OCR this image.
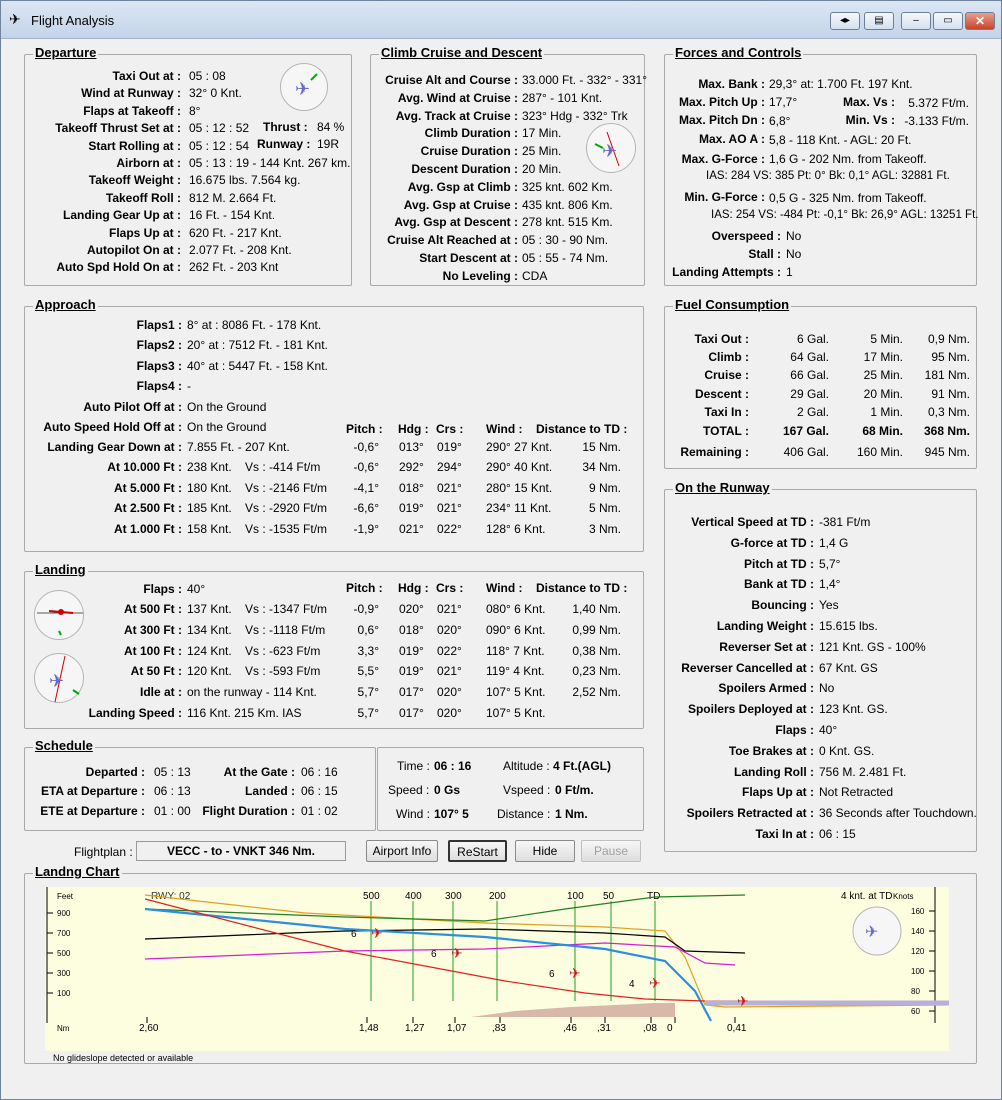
✈ Flight Analysis	◂▸	▤	–	▭	✕
Departure
Taxi Out at : 05 : 08
Wind at Runway : 32° 0 Knt.
Flaps at Takeoff : 8°
Takeoff Thrust Set at : 05 : 12 : 52
Start Rolling at : 05 : 12 : 54
Airborn at : 05 : 13 : 19 - 144 Knt. 267 km.
Takeoff Weight : 16.675 lbs. 7.564 kg.
Takeoff Roll : 812 M. 2.664 Ft.
Landing Gear Up at : 16 Ft. - 154 Knt.
Flaps Up at : 620 Ft. - 217 Knt.
Autopilot On at : 2.077 Ft. - 208 Knt.
Auto Spd Hold On at : 262 Ft. - 203 Knt
Thrust : 84 %
Runway : 19R
✈
Climb Cruise and Descent
Cruise Alt and Course : 33.000 Ft. - 332° - 331°
Avg. Wind at Cruise : 287° - 101 Knt.
Avg. Track at Cruise : 323° Hdg - 332° Trk
Climb Duration : 17 Min.
Cruise Duration : 25 Min.
Descent Duration : 20 Min.
Avg. Gsp at Climb : 325 knt. 602 Km.
Avg. Gsp at Cruise : 435 knt. 806 Km.
Avg. Gsp at Descent : 278 knt. 515 Km.
Cruise Alt Reached at : 05 : 30 - 90 Nm.
Start Descent at : 05 : 55 - 74 Nm.
No Leveling : CDA
✈
Forces and Controls
Max. Bank : 29,3° at: 1.700 Ft. 197 Knt.
Max. Pitch Up : 17,7°	Max. Vs :	5.372 Ft/m.
Max. Pitch Dn : 6,8°	Min. Vs : -3.133 Ft/m.
Max. AO A : 5,8 - 118 Knt. - AGL: 20 Ft.
Max. G-Force : 1,6 G - 202 Nm. from Takeoff.
IAS: 284 VS: 385 Pt: 0° Bk: 0,1° AGL: 32881 Ft.
Min. G-Force : 0,5 G - 325 Nm. from Takeoff.
IAS: 254 VS: -484 Pt: -0,1° Bk: 26,9° AGL: 13251 Ft.
Overspeed : No
Stall : No
Landing Attempts : 1
Approach
Flaps1 : 8° at : 8086 Ft. - 178 Knt.
Flaps2 : 20° at : 7512 Ft. - 181 Knt.
Flaps3 : 40° at : 5447 Ft. - 158 Knt.
Flaps4 : -
Auto Pilot Off at : On the Ground
Auto Speed Hold Off at : On the Ground	Pitch : Hdg : Crs : Wind : Distance to TD :
Landing Gear Down at : 7.855 Ft. - 207 Knt.	-0,6° 013° 019° 290° 27 Knt.	15 Nm.
At 10.000 Ft : 238 Knt. Vs : -414 Ft/m	-0,6° 292° 294° 290° 40 Knt.	34 Nm.
At 5.000 Ft : 180 Knt. Vs : -2146 Ft/m	-4,1° 018° 021° 280° 15 Knt.	9 Nm.
At 2.500 Ft : 185 Knt. Vs : -2920 Ft/m	-6,6° 019° 021° 234° 11 Knt.	5 Nm.
At 1.000 Ft : 158 Knt. Vs : -1535 Ft/m	-1,9° 021° 022° 128° 6 Knt.	3 Nm.
Landing
Flaps : 40°	Pitch : Hdg : Crs : Wind : Distance to TD :
At 500 Ft : 137 Knt. Vs : -1347 Ft/m	-0,9° 020° 021° 080° 6 Knt.	1,40 Nm.
At 300 Ft : 134 Knt. Vs : -1118 Ft/m	0,6° 018° 020° 090° 6 Knt.	0,99 Nm.
At 100 Ft : 124 Knt. Vs : -623 Ft/m	3,3° 019° 022° 118° 7 Knt.	0,38 Nm.
At 50 Ft : 120 Knt. Vs : -593 Ft/m	5,5° 019° 021° 119° 4 Knt.	0,23 Nm.
Idle at : on the runway - 114 Knt.	5,7° 017° 020° 107° 5 Knt.	2,52 Nm.
Landing Speed : 116 Knt. 215 Km. IAS	5,7° 017° 020° 107° 5 Knt.
✈
Fuel Consumption
Taxi Out :	6 Gal.	5 Min.	0,9 Nm.
Climb :	64 Gal.	17 Min.	95 Nm.
Cruise :	66 Gal.	25 Min.	181 Nm.
Descent :	29 Gal.	20 Min.	91 Nm.
Taxi In :	2 Gal.	1 Min.	0,3 Nm.
TOTAL :	167 Gal.	68 Min.	368 Nm.
Remaining :	406 Gal.	160 Min.	945 Nm.
On the Runway
Vertical Speed at TD : -381 Ft/m
G-force at TD : 1,4 G
Pitch at TD : 5,7°
Bank at TD : 1,4°
Bouncing : Yes
Landing Weight : 15.615 lbs.
Reverser Set at : 121 Knt. GS - 100%
Reverser Cancelled at : 67 Knt. GS
Spoilers Armed : No
Spoilers Deployed at : 123 Knt. GS.
Flaps : 40°
Toe Brakes at : 0 Knt. GS.
Landing Roll : 756 M. 2.481 Ft.
Flaps Up at : Not Retracted
Spoilers Retracted at : 36 Seconds after Touchdown.
Taxi In at : 06 : 15
Schedule
Departed : 05 : 13	At the Gate : 06 : 16
ETA at Departure : 06 : 13	Landed : 06 : 15
ETE at Departure : 01 : 00 Flight Duration : 01 : 02
Time : 06 : 16	Altitude : 4 Ft.(AGL)
Speed : 0 Gs	Vspeed : 0 Ft/m.
Wind : 107° 5 Distance : 1 Nm.
Flightplan :	VECC - to - VNKT 346 Nm.	Airport Info	ReStart	Hide	Pause
Landng Chart
Feet	Knots
Nm
900
700
500
300
100
160
140
120
100
80
60
RWY: 02	500	400 300	200	100 50	TD
2,60	1,48	1,27 1,07	,83	,46 ,31	,08 0	0,41
4 knt. at TD
6
6
6
4
✈
✈
✈
✈
✈
✈
No glideslope detected or available
